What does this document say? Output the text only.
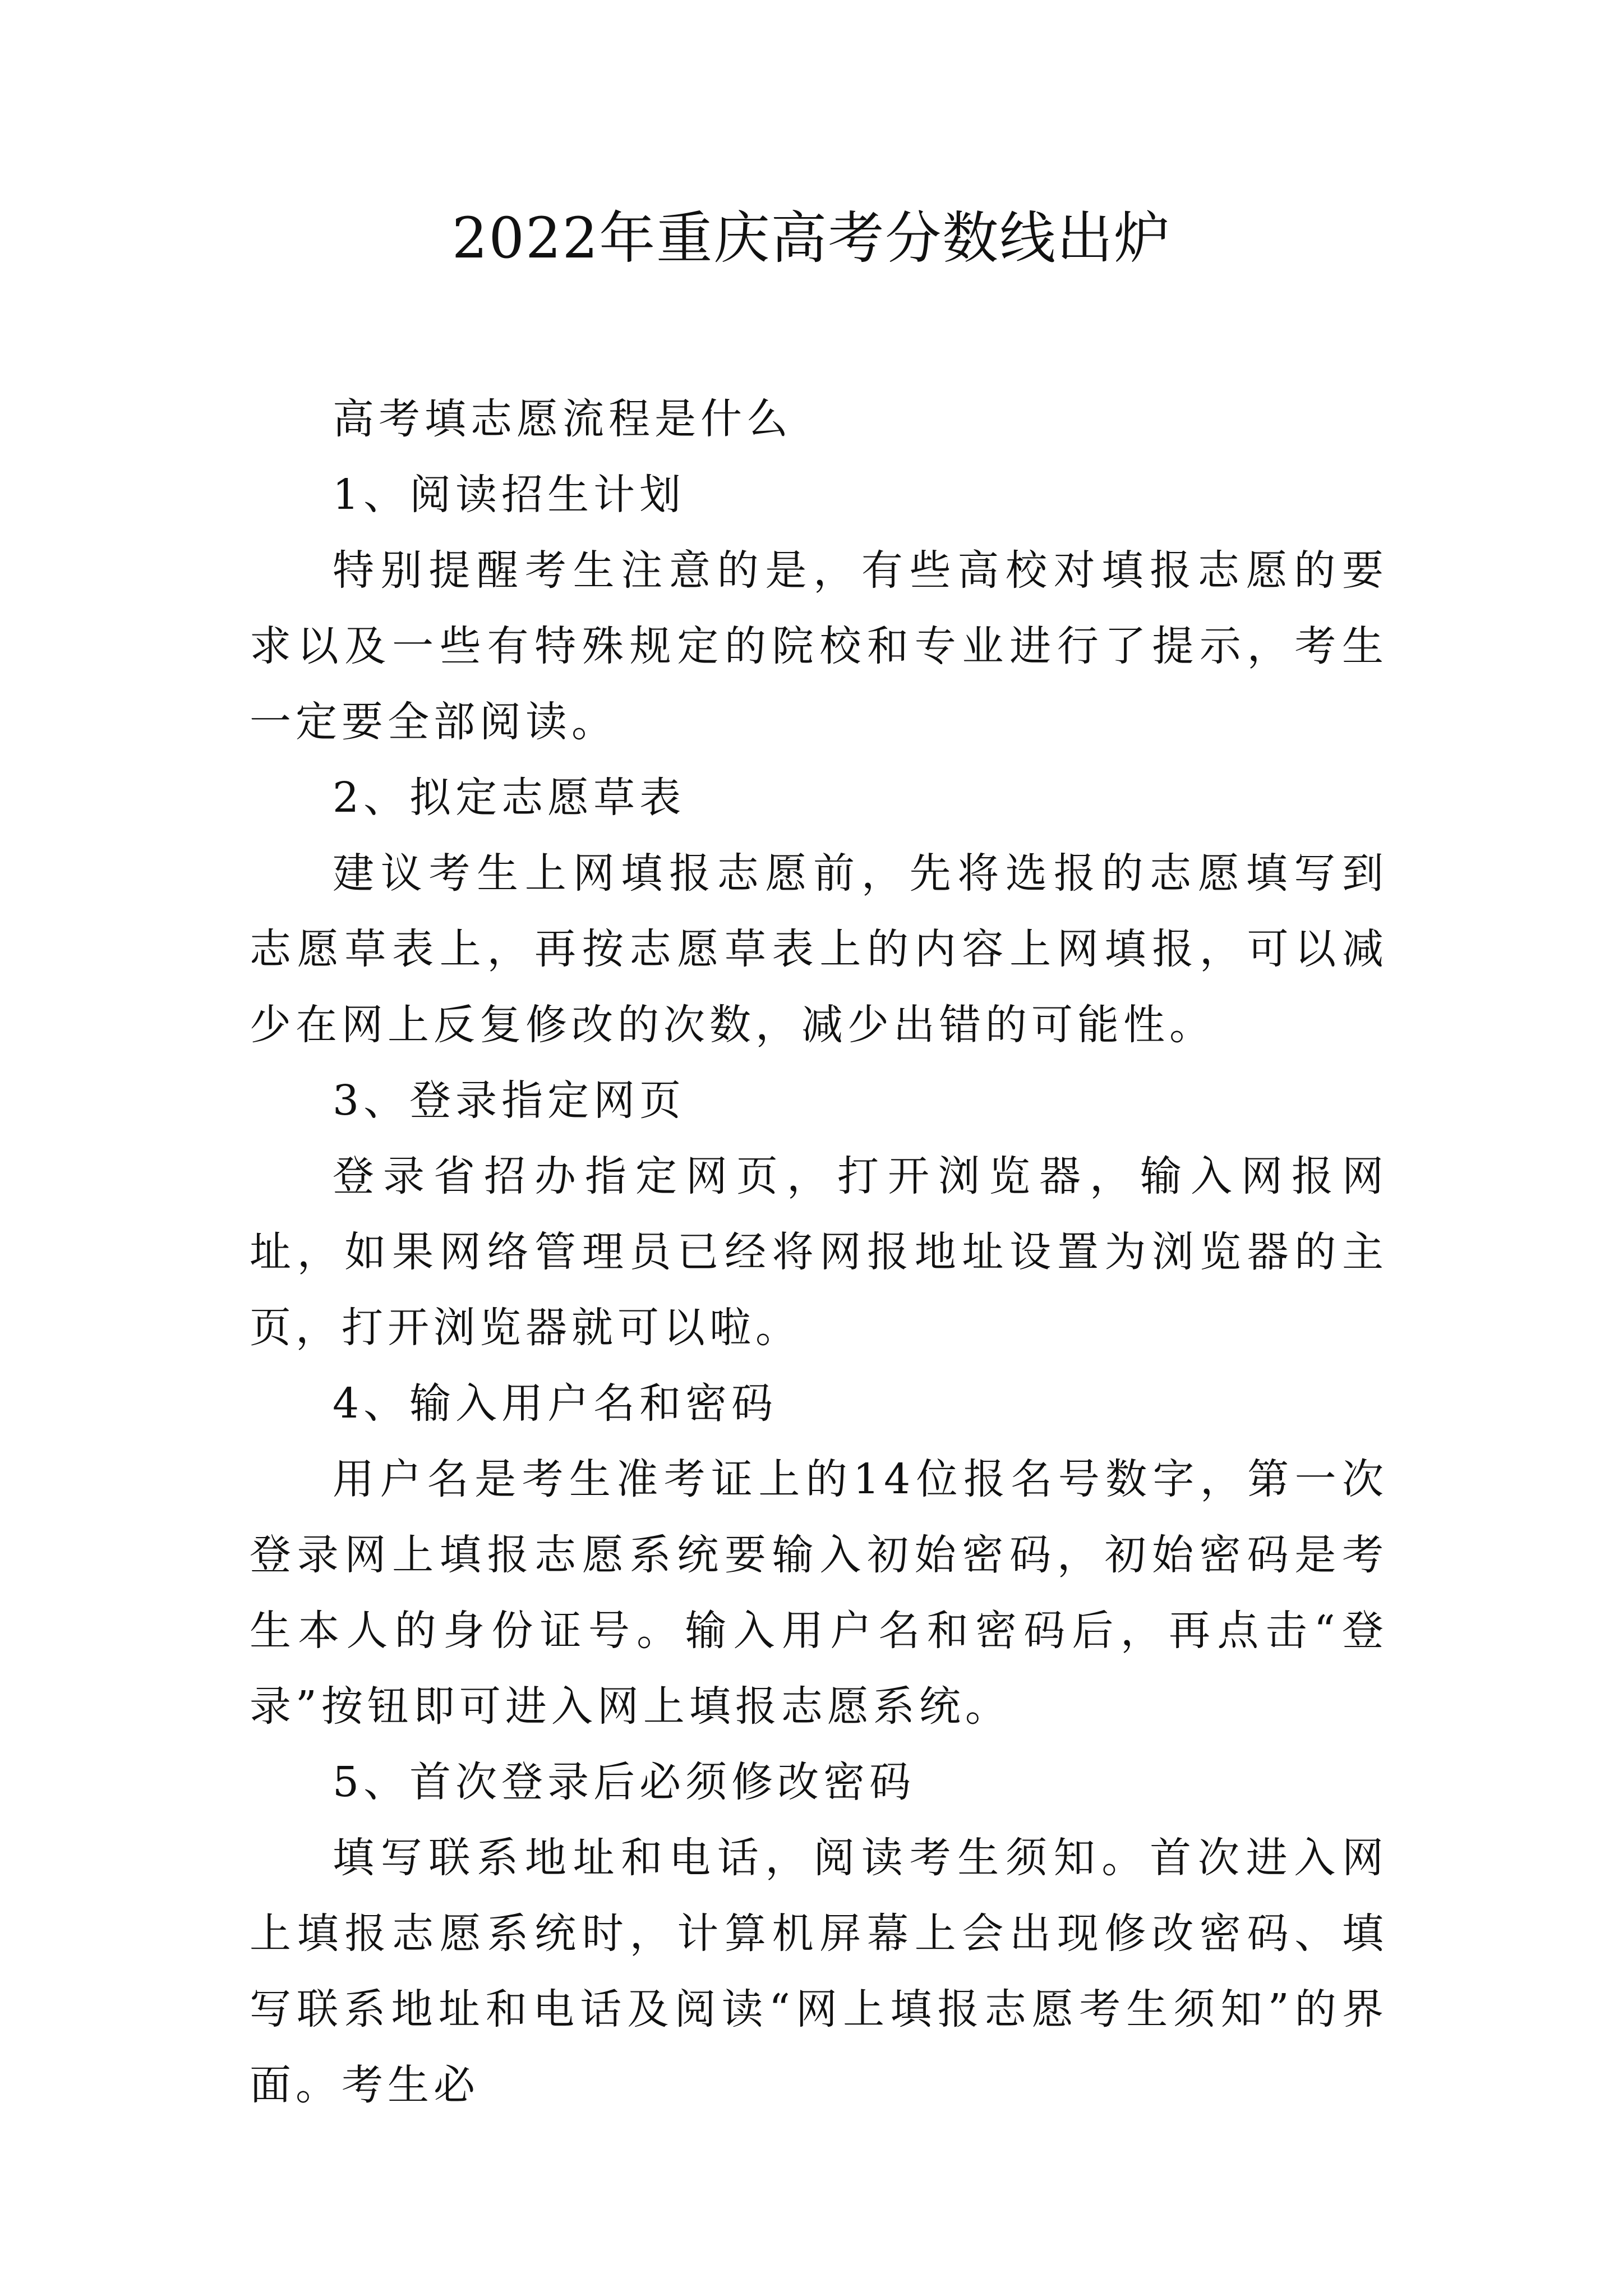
2022年重庆高考分数线出炉

高考填志愿流程是什么

1、阅读招生计划

特别提醒考生注意的是，有些高校对填报志愿的要求以及一些有特殊规定的院校和专业进行了提示，考生一定要全部阅读。

2、拟定志愿草表

建议考生上网填报志愿前，先将选报的志愿填写到志愿草表上，再按志愿草表上的内容上网填报，可以减少在网上反复修改的次数，减少出错的可能性。

3、登录指定网页

登录省招办指定网页，打开浏览器，输入网报网址，如果网络管理员已经将网报地址设置为浏览器的主页，打开浏览器就可以啦。

4、输入用户名和密码

用户名是考生准考证上的14位报名号数字，第一次登录网上填报志愿系统要输入初始密码，初始密码是考生本人的身份证号。输入用户名和密码后，再点击“登录”按钮即可进入网上填报志愿系统。

5、首次登录后必须修改密码

填写联系地址和电话，阅读考生须知。首次进入网上填报志愿系统时，计算机屏幕上会出现修改密码、填写联系地址和电话及阅读“网上填报志愿考生须知”的界面。考生必
